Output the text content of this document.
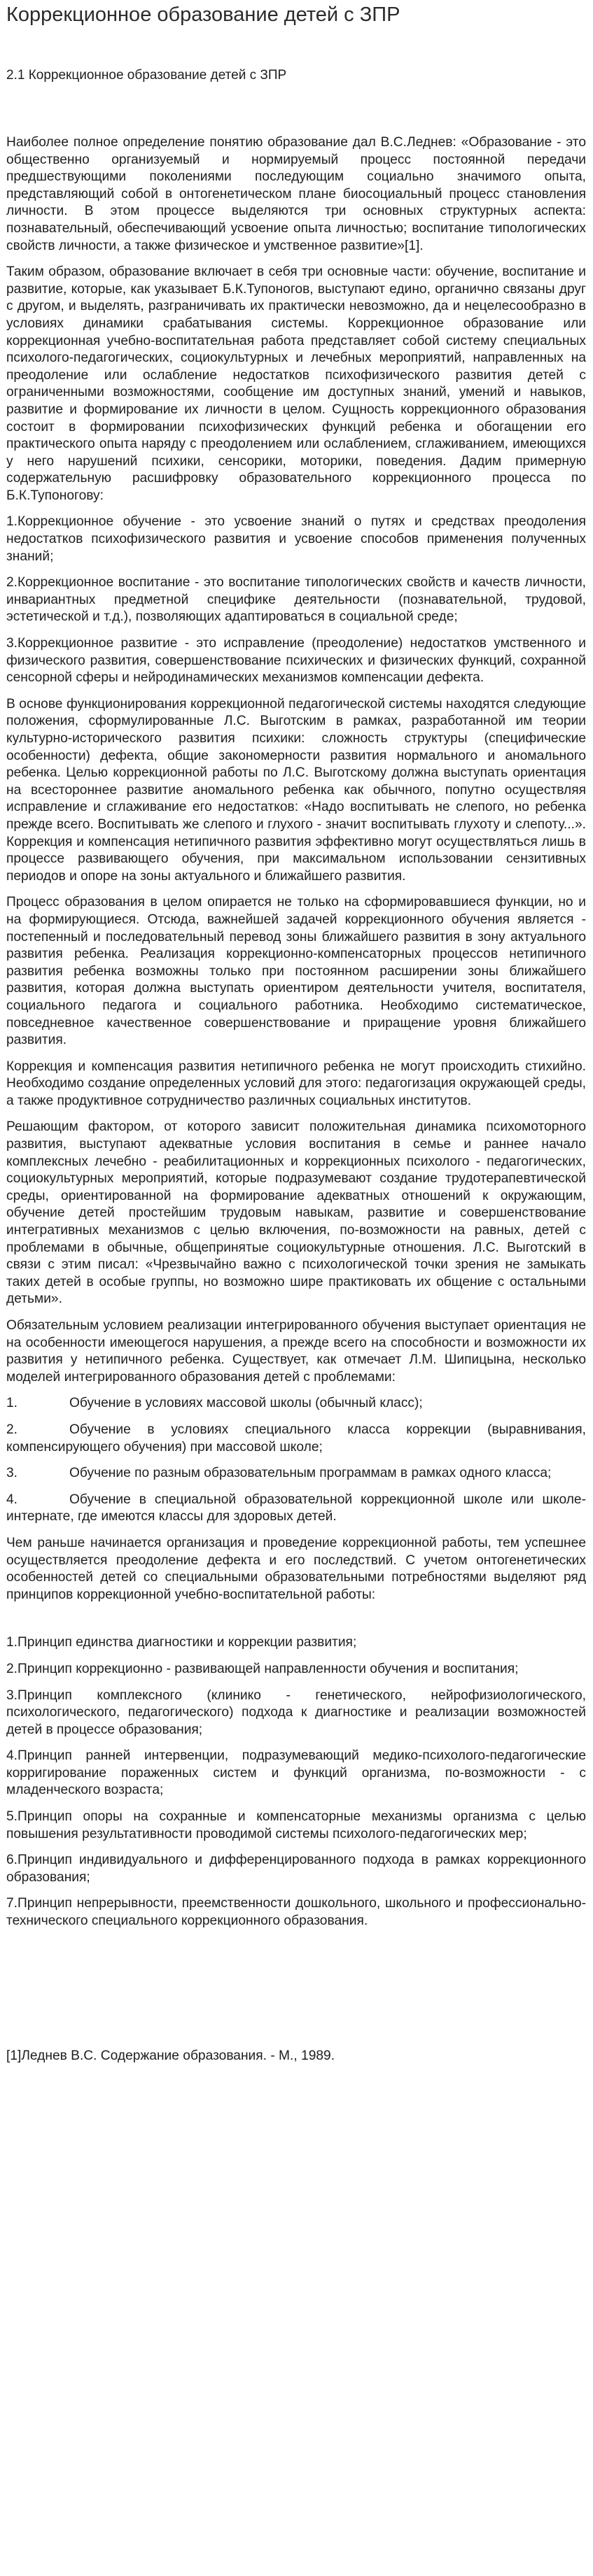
Коррекционное образование детей с ЗПР

2.1 Коррекционное образование детей с ЗПР

Наиболее полное определение понятию образование дал В.С.Леднев: «Образование - это общественно организуемый и нормируемый процесс постоянной передачи предшествующими поколениями последующим социально значимого опыта, представляющий собой в онтогенетическом плане биосоциальный процесс становления личности. В этом процессе выделяются три основных структурных аспекта: познавательный, обеспечивающий усвоение опыта личностью; воспитание типологических свойств личности, а также физическое и умственное развитие»[1].

Таким образом, образование включает в себя три основные части: обучение, воспитание и развитие, которые, как указывает Б.К.Тупоногов, выступают едино, органично связаны друг с другом, и выделять, разграничивать их практически невозможно, да и нецелесообразно в условиях динамики срабатывания системы. Коррекционное образование или коррекционная учебно-воспитательная работа представляет собой систему специальных психолого-педагогических, социокультурных и лечебных мероприятий, направленных на преодоление или ослабление недостатков психофизического развития детей с ограниченными возможностями, сообщение им доступных знаний, умений и навыков, развитие и формирование их личности в целом. Сущность коррекционного образования состоит в формировании психофизических функций ребенка и обогащении его практического опыта наряду с преодолением или ослаблением, сглаживанием, имеющихся у него нарушений психики, сенсорики, моторики, поведения. Дадим примерную содержательную расшифровку образовательного коррекционного процесса по Б.К.Тупоногову:

1.Коррекционное обучение - это усвоение знаний о путях и средствах преодоления недостатков психофизического развития и усвоение способов применения полученных знаний;

2.Коррекционное воспитание - это воспитание типологических свойств и качеств личности, инвариантных предметной специфике деятельности (познавательной, трудовой, эстетической и т.д.), позволяющих адаптироваться в социальной среде;

3.Коррекционное развитие - это исправление (преодоление) недостатков умственного и физического развития, совершенствование психических и физических функций, сохранной сенсорной сферы и нейродинамических механизмов компенсации дефекта.

В основе функционирования коррекционной педагогической системы находятся следующие положения, сформулированные Л.С. Выготским в рамках, разработанной им теории культурно-исторического развития психики: сложность структуры (специфические особенности) дефекта, общие закономерности развития нормального и аномального ребенка. Целью коррекционной работы по Л.С. Выготскому должна выступать ориентация на всестороннее развитие аномального ребенка как обычного, попутно осуществляя исправление и сглаживание его недостатков: «Надо воспитывать не слепого, но ребенка прежде всего. Воспитывать же слепого и глухого - значит воспитывать глухоту и слепоту...». Коррекция и компенсация нетипичного развития эффективно могут осуществляться лишь в процессе развивающего обучения, при максимальном использовании сензитивных периодов и опоре на зоны актуального и ближайшего развития.

Процесс образования в целом опирается не только на сформировавшиеся функции, но и на формирующиеся. Отсюда, важнейшей задачей коррекционного обучения является - постепенный и последовательный перевод зоны ближайшего развития в зону актуального развития ребенка. Реализация коррекционно-компенсаторных процессов нетипичного развития ребенка возможны только при постоянном расширении зоны ближайшего развития, которая должна выступать ориентиром деятельности учителя, воспитателя, социального педагога и социального работника. Необходимо систематическое, повседневное качественное совершенствование и приращение уровня ближайшего развития.

Коррекция и компенсация развития нетипичного ребенка не могут происходить стихийно. Необходимо создание определенных условий для этого: педагогизация окружающей среды, а также продуктивное сотрудничество различных социальных институтов.

Решающим фактором, от которого зависит положительная динамика психомоторного развития, выступают адекватные условия воспитания в семье и раннее начало комплексных лечебно - реабилитационных и коррекционных психолого - педагогических, социокультурных мероприятий, которые подразумевают создание трудотерапевтической среды, ориентированной на формирование адекватных отношений к окружающим, обучение детей простейшим трудовым навыкам, развитие и совершенствование интегративных механизмов с целью включения, по-возможности на равных, детей с проблемами в обычные, общепринятые социокультурные отношения. Л.С. Выготский в связи с этим писал: «Чрезвычайно важно с психологической точки зрения не замыкать таких детей в особые группы, но возможно шире практиковать их общение с остальными детьми».

Обязательным условием реализации интегрированного обучения выступает ориентация не на особенности имеющегося нарушения, а прежде всего на способности и возможности их развития у нетипичного ребенка. Существует, как отмечает Л.М. Шипицына, несколько моделей интегрированного образования детей с проблемами:

1.	Обучение в условиях массовой школы (обычный класс);

2.	Обучение в условиях специального класса коррекции (выравнивания, компенсирующего обучения) при массовой школе;

3.	Обучение по разным образовательным программам в рамках одного класса;

4.	Обучение в специальной образовательной коррекционной школе или школе-интернате, где имеются классы для здоровых детей.

Чем раньше начинается организация и проведение коррекционной работы, тем успешнее осуществляется преодоление дефекта и его последствий. С учетом онтогенетических особенностей детей со специальными образовательными потребностями выделяют ряд принципов коррекционной учебно-воспитательной работы:

1.Принцип единства диагностики и коррекции развития;

2.Принцип коррекционно - развивающей направленности обучения и воспитания;

3.Принцип комплексного (клинико - генетического, нейрофизиологического, психологического, педагогического) подхода к диагностике и реализации возможностей детей в процессе образования;

4.Принцип ранней интервенции, подразумевающий медико-психолого-педагогические корригирование пораженных систем и функций организма, по-возможности - с младенческого возраста;

5.Принцип опоры на сохранные и компенсаторные механизмы организма с целью повышения результативности проводимой системы психолого-педагогических мер;

6.Принцип индивидуального и дифференцированного подхода в рамках коррекционного образования;

7.Принцип непрерывности, преемственности дошкольного, школьного и профессионально-технического специального коррекционного образования.

[1]Леднев В.С. Содержание образования. - М., 1989.
